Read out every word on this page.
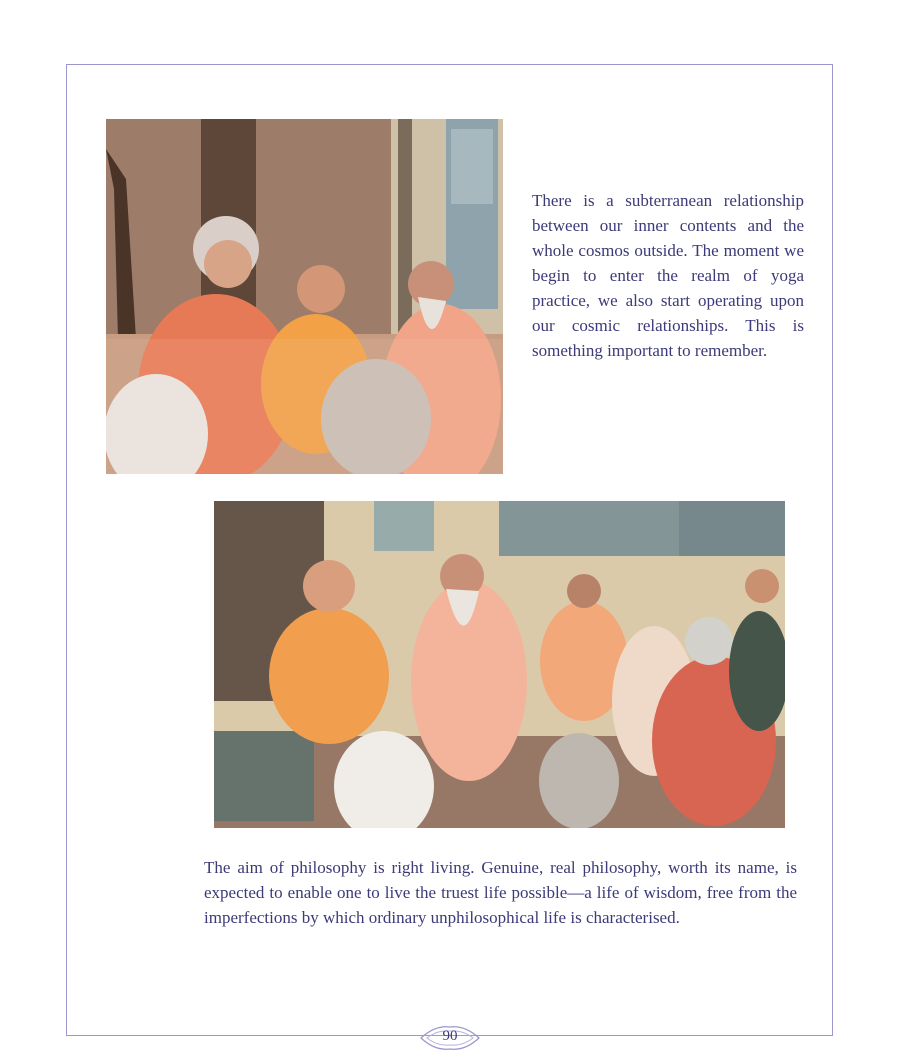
There is a subterranean relationship between our inner contents and the whole cosmos outside. The moment we begin to enter the realm of yoga practice, we also start operating upon our cosmic relationships. This is something important to remember.
The aim of philosophy is right living. Genuine, real philosophy, worth its name, is expected to enable one to live the truest life possible—a life of wisdom, free from the imperfections by which ordinary unphilosophical life is characterised.
90
